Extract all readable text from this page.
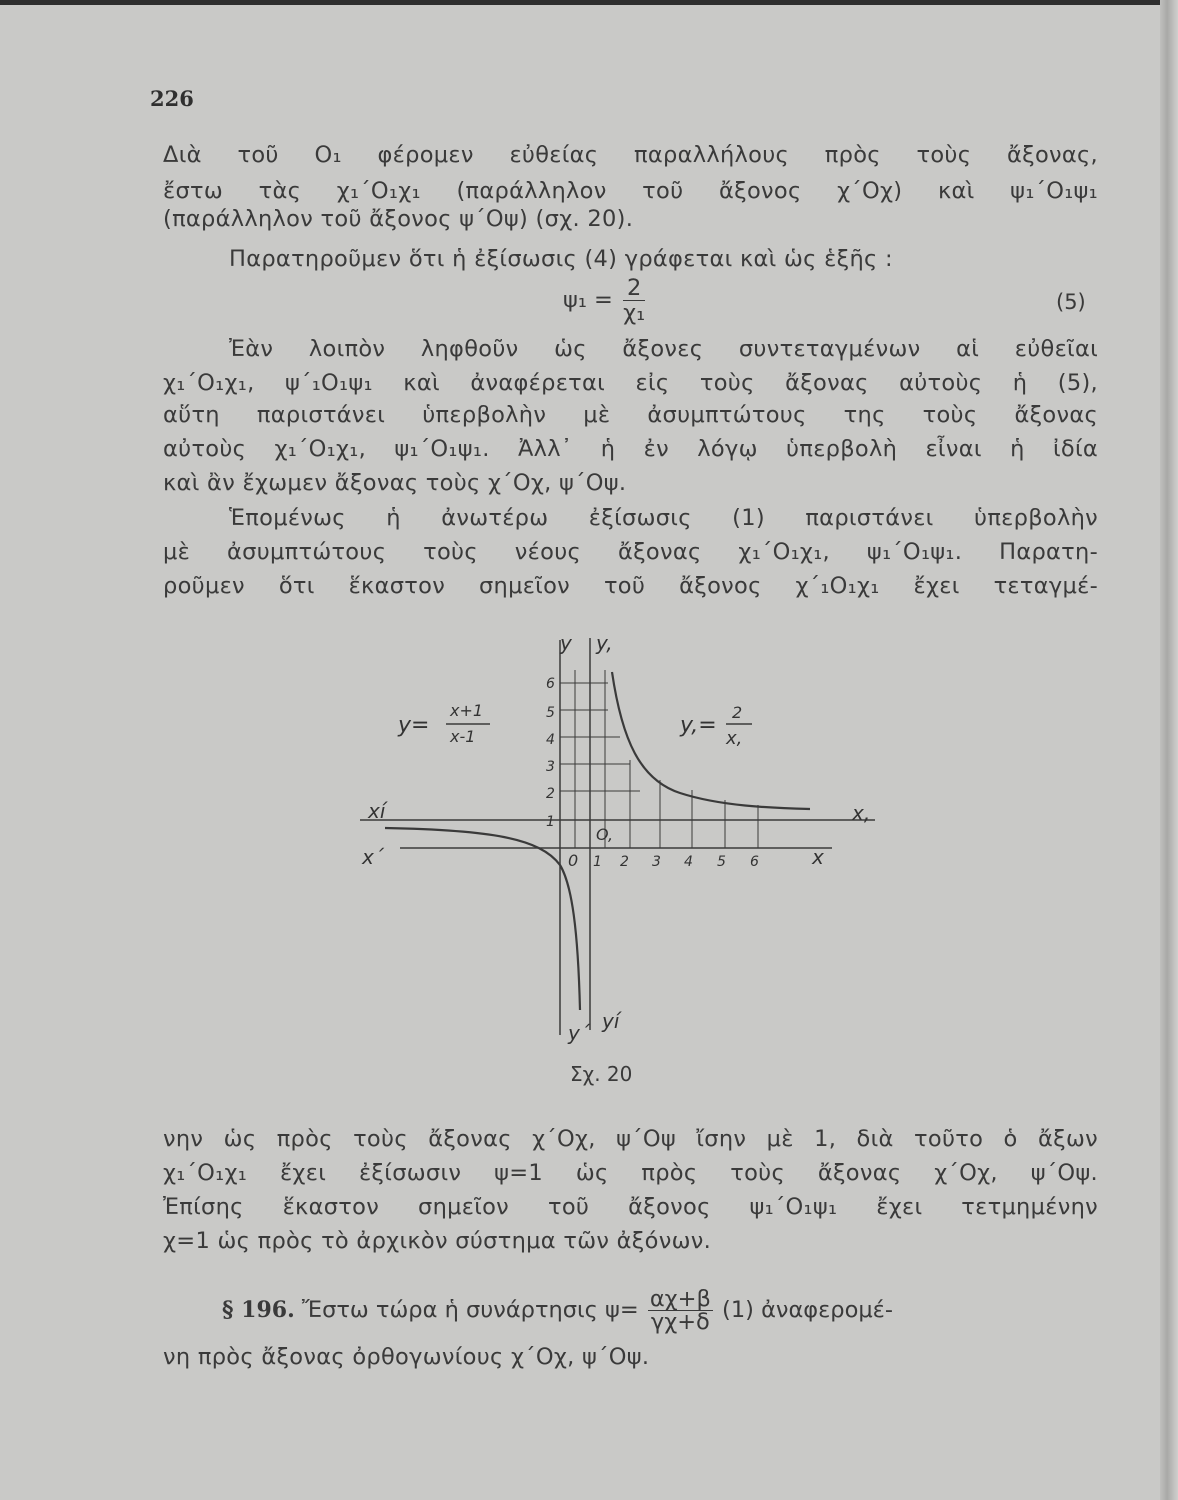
226
Διὰ τοῦ Ο₁ φέρομεν εὐθείας παραλλήλους πρὸς τοὺς ἄξονας,
ἔστω τὰς χ₁΄Ο₁χ₁ (παράλληλον τοῦ ἄξονος χ΄Οχ) καὶ ψ₁΄Ο₁ψ₁
(παράλληλον τοῦ ἄξονος ψ΄Οψ) (σχ. 20).
Παρατηροῦμεν ὅτι ἡ ἐξίσωσις (4) γράφεται καὶ ὡς ἑξῆς :
$\psi_1 = \frac{2}{\text{χ₁}}$	(5)
Ἐὰν λοιπὸν ληφθοῦν ὡς ἄξονες συντεταγμένων αἱ εὐθεῖαι
χ₁΄Ο₁χ₁, ψ΄₁Ο₁ψ₁ καὶ ἀναφέρεται εἰς τοὺς ἄξονας αὐτοὺς ἡ (5),
αὕτη παριστάνει ὑπερβολὴν μὲ ἀσυμπτώτους της τοὺς ἄξονας
αὐτοὺς χ₁΄Ο₁χ₁, ψ₁΄Ο₁ψ₁. Ἀλλ᾽ ἡ ἐν λόγῳ ὑπερβολὴ εἶναι ἡ ἰδία
καὶ ἂν ἔχωμεν ἄξονας τοὺς χ΄Οχ, ψ΄Οψ.
Ἑπομένως ἡ ἀνωτέρω ἐξίσωσις (1) παριστάνει ὑπερβολὴν
μὲ ἀσυμπτώτους τοὺς νέους ἄξονας χ₁΄Ο₁χ₁, ψ₁΄Ο₁ψ₁. Παρατη-
ροῦμεν ὅτι ἕκαστον σημεῖον τοῦ ἄξονος χ΄₁Ο₁χ₁ ἔχει τεταγμέ-
y y,
xí	x,
x΄	x
y΄ yí
0
O,
1
2
3
4
5
6
1 2 3 4 5 6
y=
x+1
x-1	y,=
2
x,
Σχ. 20
νην ὡς πρὸς τοὺς ἄξονας χ΄Οχ, ψ΄Οψ ἴσην μὲ 1, διὰ τοῦτο ὁ ἄξων
χ₁΄Ο₁χ₁ ἔχει ἐξίσωσιν ψ=1 ὡς πρὸς τοὺς ἄξονας χ΄Οχ, ψ΄Οψ.
Ἐπίσης ἕκαστον σημεῖον τοῦ ἄξονος ψ₁΄Ο₁ψ₁ ἔχει τετμημένην
χ=1 ὡς πρὸς τὸ ἀρχικὸν σύστημα τῶν ἀξόνων.
§ 196. Ἔστω τώρα ἡ συνάρτησις $\psi= \frac{\alpha\chi+\beta}{\gamma\chi+\delta} (1)$ ἀναφερομέ-
νη πρὸς ἄξονας ὀρθογωνίους χ΄Οχ, ψ΄Οψ.
